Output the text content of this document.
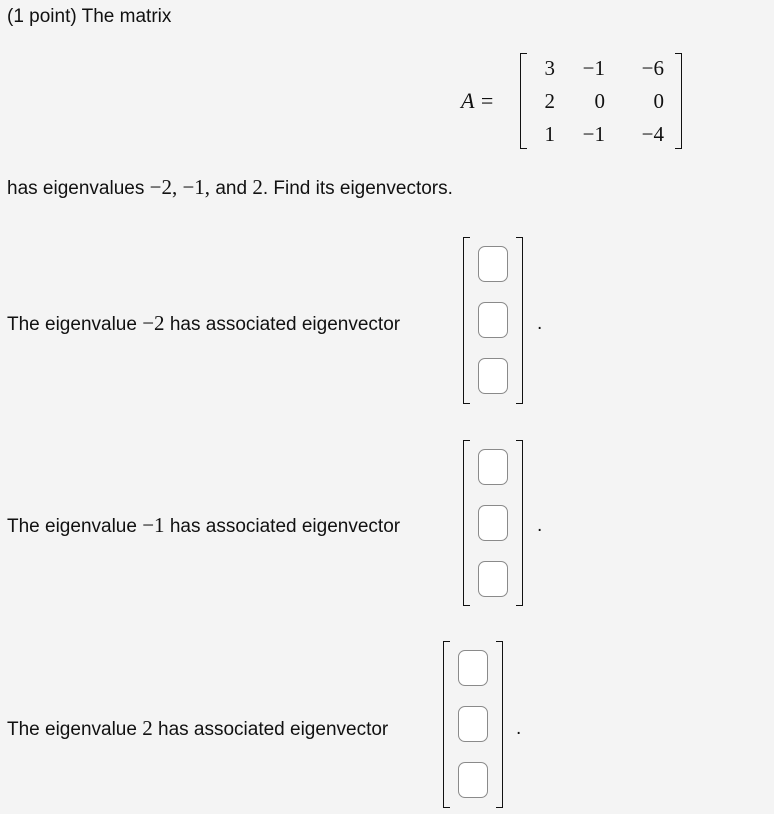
(1 point) The matrix
A =
3	−1	−6
2	0	0
1	−1	−4
has eigenvalues −2, −1, and 2. Find its eigenvectors.
The eigenvalue −2 has associated eigenvector	.
The eigenvalue −1 has associated eigenvector	.
The eigenvalue 2 has associated eigenvector	.
